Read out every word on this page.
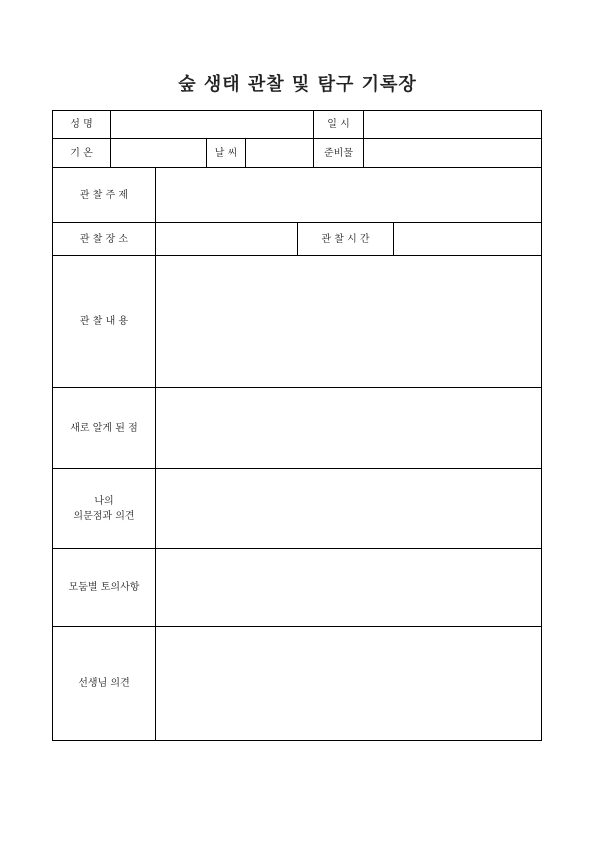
숲 생태 관찰 및 탐구 기록장
성 명	일 시
기 온	날 씨	준비물
관 찰 주 제
관 찰 장 소	관 찰 시 간
관 찰 내 용
새로 알게 된 점
나의
의문점과 의견
모둠별 토의사항
선생님 의견
